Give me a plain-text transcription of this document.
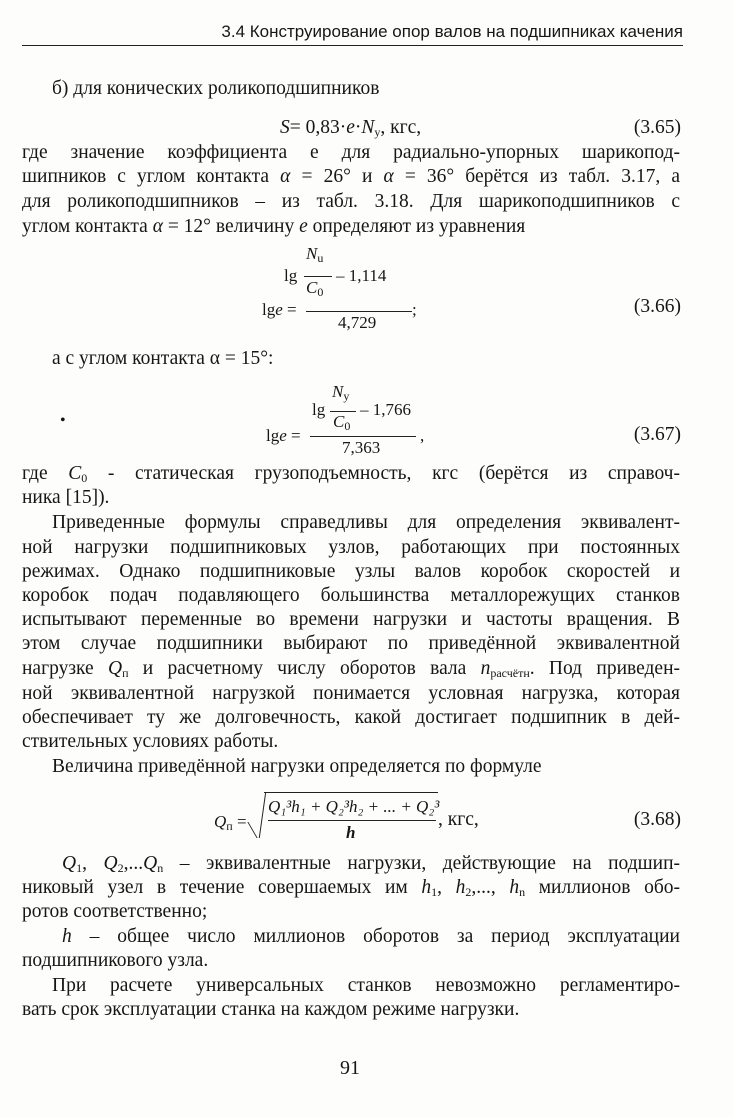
3.4 Конструирование опор валов на подшипниках качения
б) для конических роликоподшипников
$S= 0,83\cdot e\cdot N_у$, кгс,	(3.65)
где значение коэффициента e для радиально-упорных шарикопод-
шипников с углом контакта α = 26° и α = 36° берётся из табл. 3.17, а
для роликоподшипников – из табл. 3.18. Для шарикоподшипников с
углом контакта α = 12° величину e определяют из уравнения
$N_u$
lg – 1,114
$C_0$
lge =	;
4,729
(3.66)
а с углом контакта α = 15°:
•
$N_у$
lg – 1,766
$C_0$
lge =	,
7,363
(3.67)
где $C_0$ - статическая грузоподъемность, кгс (берётся из справоч-
ника [15]).
Приведенные формулы справедливы для определения эквивалент-
ной нагрузки подшипниковых узлов, работающих при постоянных
режимах. Однако подшипниковые узлы валов коробок скоростей и
коробок подач подавляющего большинства металлорежущих станков
испытывают переменные во времени нагрузки и частоты вращения. В
этом случае подшипники выбирают по приведённой эквивалентной
нагрузке $Q_п$ и расчетному числу оборотов вала $n_{расчётн}$. Под приведен-
ной эквивалентной нагрузкой понимается условная нагрузка, которая
обеспечивает ту же долговечность, какой достигает подшипник в дей-
ствительных условиях работы.
Величина приведённой нагрузки определяется по формуле
$Q_п$ =
Q₁³h₁ + Q₂³h₂ + ... + Q₂³
h
, кгс,	(3.68)
$Q_1$, $Q_2,...Q_n$ – эквивалентные нагрузки, действующие на подшип-
никовый узел в течение совершаемых им $h_1$, $h_2$,..., $h_n$ миллионов обо-
ротов соответственно;
h – общее число миллионов оборотов за период эксплуатации
подшипникового узла.
При расчете универсальных станков невозможно регламентиро-
вать срок эксплуатации станка на каждом режиме нагрузки.
91
